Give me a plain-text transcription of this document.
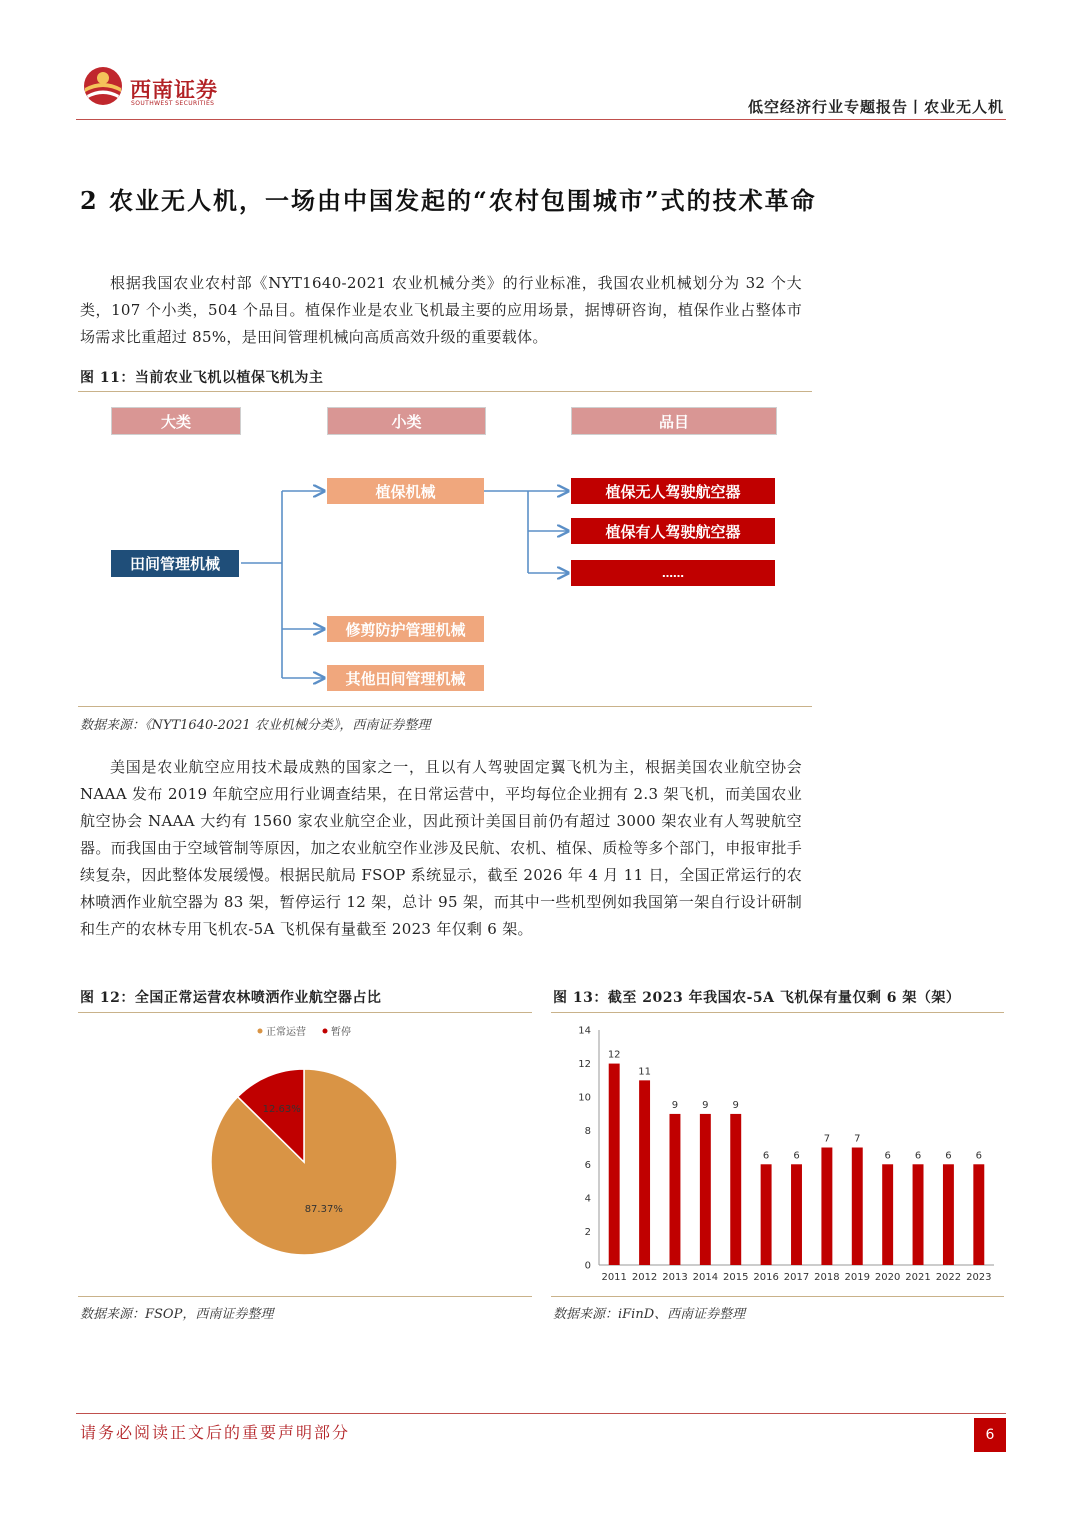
西南证券
SOUTHWEST SECURITIES	低空经济行业专题报告丨农业无人机
2 农业无人机，一场由中国发起的“农村包围城市”式的技术革命
根据我国农业农村部《NYT1640-2021 农业机械分类》的行业标准，我国农业机械划分为 32 个大类，107 个小类，504 个品目。植保作业是农业飞机最主要的应用场景，据博研咨询，植保作业占整体市场需求比重超过 85%，是田间管理机械向高质高效升级的重要载体。
图 11：当前农业飞机以植保飞机为主
大类	小类	品目
田间管理机械
植保机械
修剪防护管理机械
其他田间管理机械
植保无人驾驶航空器
植保有人驾驶航空器
……
数据来源：《NYT1640-2021 农业机械分类》，西南证券整理
美国是农业航空应用技术最成熟的国家之一，且以有人驾驶固定翼飞机为主，根据美国农业航空协会 NAAA 发布 2019 年航空应用行业调查结果，在日常运营中，平均每位企业拥有 2.3 架飞机，而美国农业航空协会 NAAA 大约有 1560 家农业航空企业，因此预计美国目前仍有超过 3000 架农业有人驾驶航空器。而我国由于空域管制等原因，加之农业航空作业涉及民航、农机、植保、质检等多个部门，申报审批手续复杂，因此整体发展缓慢。根据民航局 FSOP 系统显示，截至 2026 年 4 月 11 日，全国正常运行的农林喷洒作业航空器为 83 架，暂停运行 12 架，总计 95 架，而其中一些机型例如我国第一架自行设计研制和生产的农林专用飞机农-5A 飞机保有量截至 2023 年仅剩 6 架。
图 12：全国正常运营农林喷洒作业航空器占比
正常运营	暂停
87.37%
12.63%
数据来源：FSOP，西南证券整理
图 13：截至 2023 年我国农-5A 飞机保有量仅剩 6 架（架）
0
2
4
6
8
10
12
14
12
2011
11
2012
9
2013
9
2014
9
2015
6
2016
6
2017
7
2018
7
2019
6
2020
6
2021
6
2022
6
2023
数据来源：iFinD、西南证券整理
请务必阅读正文后的重要声明部分	6
